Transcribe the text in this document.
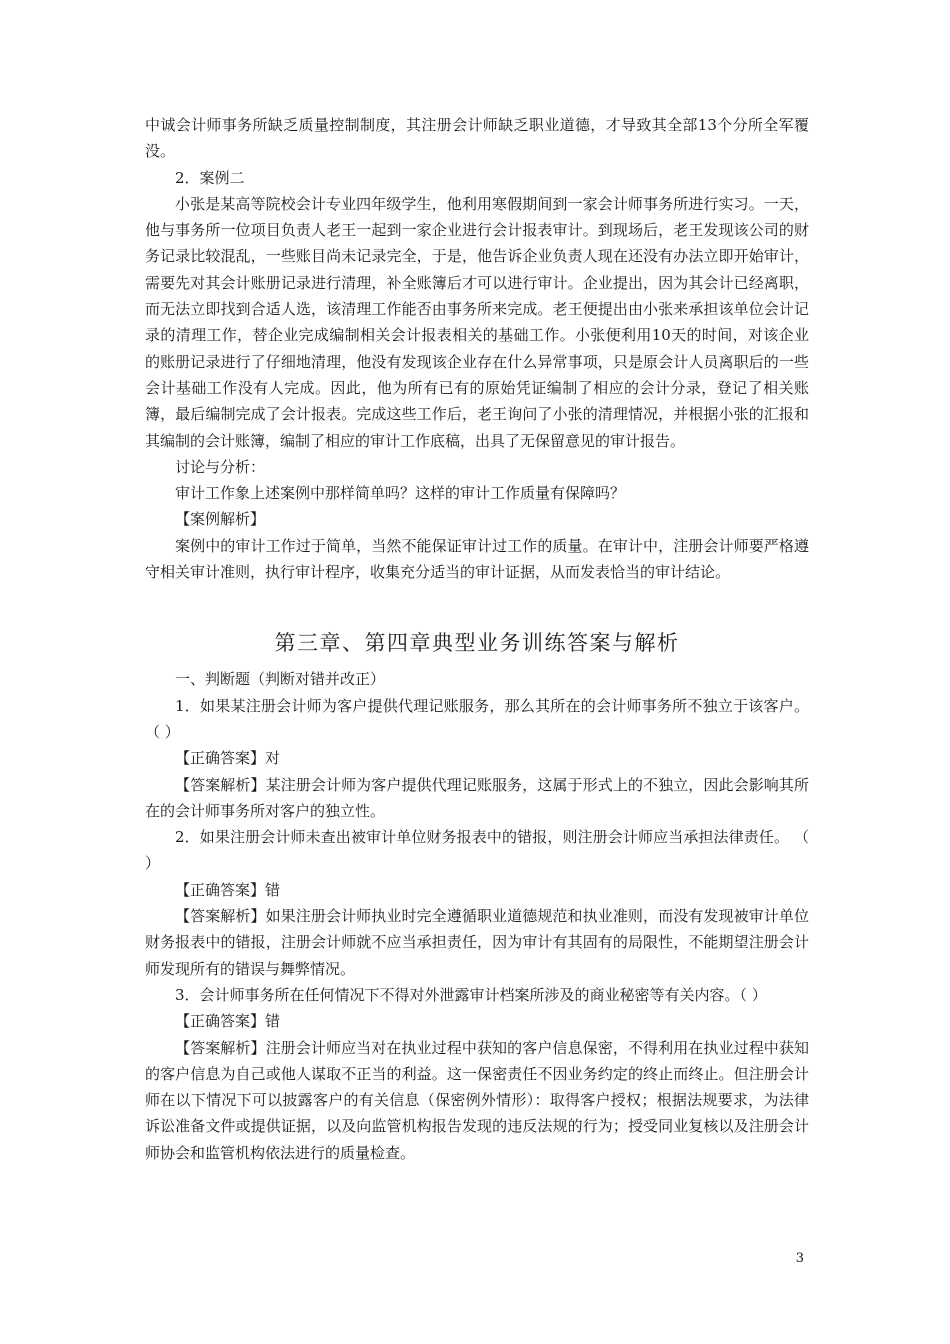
中诚会计师事务所缺乏质量控制制度，其注册会计师缺乏职业道德，才导致其全部13个分所全军覆没。

2．案例二

小张是某高等院校会计专业四年级学生，他利用寒假期间到一家会计师事务所进行实习。一天，他与事务所一位项目负责人老王一起到一家企业进行会计报表审计。到现场后，老王发现该公司的财务记录比较混乱，一些账目尚未记录完全，于是，他告诉企业负责人现在还没有办法立即开始审计，需要先对其会计账册记录进行清理，补全账簿后才可以进行审计。企业提出，因为其会计已经离职，而无法立即找到合适人选，该清理工作能否由事务所来完成。老王便提出由小张来承担该单位会计记录的清理工作，替企业完成编制相关会计报表相关的基础工作。小张便利用10天的时间，对该企业的账册记录进行了仔细地清理，他没有发现该企业存在什么异常事项，只是原会计人员离职后的一些会计基础工作没有人完成。因此，他为所有已有的原始凭证编制了相应的会计分录，登记了相关账簿，最后编制完成了会计报表。完成这些工作后，老王询问了小张的清理情况，并根据小张的汇报和其编制的会计账簿，编制了相应的审计工作底稿，出具了无保留意见的审计报告。

讨论与分析：

审计工作象上述案例中那样简单吗？这样的审计工作质量有保障吗？

【案例解析】

案例中的审计工作过于简单，当然不能保证审计过工作的质量。在审计中，注册会计师要严格遵守相关审计准则，执行审计程序，收集充分适当的审计证据，从而发表恰当的审计结论。

第三章、第四章典型业务训练答案与解析

一、判断题（判断对错并改正）

1．如果某注册会计师为客户提供代理记账服务，那么其所在的会计师事务所不独立于该客户。 （ ）

【正确答案】对

【答案解析】某注册会计师为客户提供代理记账服务，这属于形式上的不独立，因此会影响其所在的会计师事务所对客户的独立性。

2．如果注册会计师未查出被审计单位财务报表中的错报，则注册会计师应当承担法律责任。 （ ）

【正确答案】错

【答案解析】如果注册会计师执业时完全遵循职业道德规范和执业准则，而没有发现被审计单位财务报表中的错报，注册会计师就不应当承担责任，因为审计有其固有的局限性，不能期望注册会计师发现所有的错误与舞弊情况。

3．会计师事务所在任何情况下不得对外泄露审计档案所涉及的商业秘密等有关内容。（ ）

【正确答案】错

【答案解析】注册会计师应当对在执业过程中获知的客户信息保密，不得利用在执业过程中获知的客户信息为自己或他人谋取不正当的利益。这一保密责任不因业务约定的终止而终止。但注册会计师在以下情况下可以披露客户的有关信息（保密例外情形）：取得客户授权；根据法规要求，为法律诉讼准备文件或提供证据，以及向监管机构报告发现的违反法规的行为；授受同业复核以及注册会计师协会和监管机构依法进行的质量检查。

3
